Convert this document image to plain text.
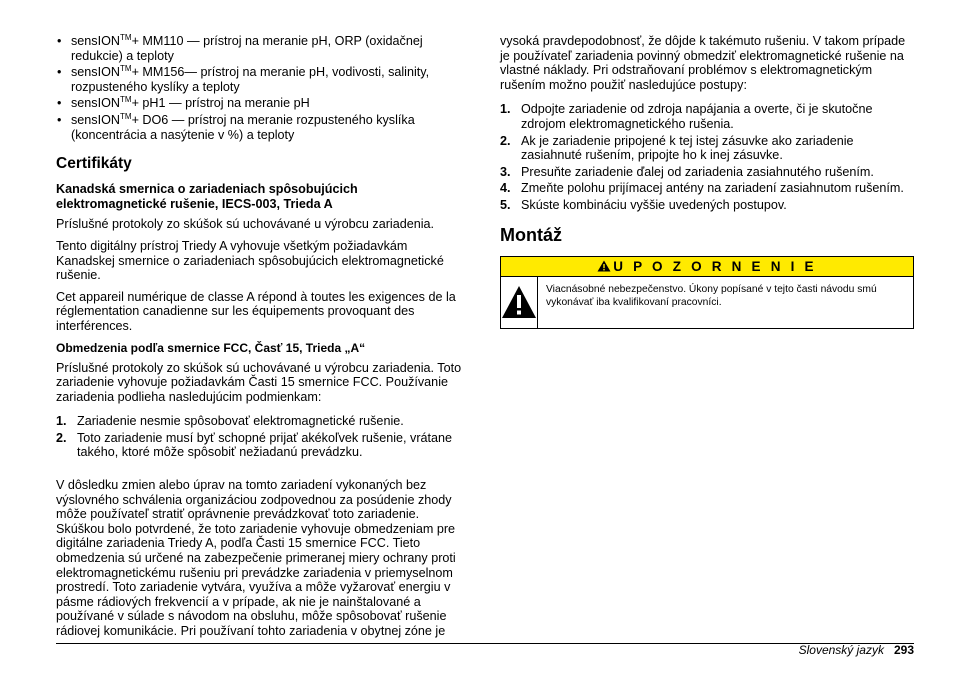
• sensION™+ MM110 — prístroj na meranie pH, ORP (oxidačnej redukcie) a teploty
• sensION™+ MM156— prístroj na meranie pH, vodivosti, salinity, rozpusteného kyslíky a teploty
• sensION™+ pH1 — prístroj na meranie pH
• sensION™+ DO6 — prístroj na meranie rozpusteného kyslíka (koncentrácia a nasýtenie v %) a teploty
Certifikáty
Kanadská smernica o zariadeniach spôsobujúcich elektromagnetické rušenie, IECS-003, Trieda A

Príslušné protokoly zo skúšok sú uchovávané u výrobcu zariadenia.

Tento digitálny prístroj Triedy A vyhovuje všetkým požiadavkám Kanadskej smernice o zariadeniach spôsobujúcich elektromagnetické rušenie.

Cet appareil numérique de classe A répond à toutes les exigences de la réglementation canadienne sur les équipements provoquant des interférences.

Obmedzenia podľa smernice FCC, Časť 15, Trieda „A“

Príslušné protokoly zo skúšok sú uchovávané u výrobcu zariadenia. Toto zariadenie vyhovuje požiadavkám Časti 15 smernice FCC. Používanie zariadenia podlieha nasledujúcim podmienkam:

1. Zariadenie nesmie spôsobovať elektromagnetické rušenie.
2. Toto zariadenie musí byť schopné prijať akékoľvek rušenie, vrátane takého, ktoré môže spôsobiť nežiadanú prevádzku.

V dôsledku zmien alebo úprav na tomto zariadení vykonaných bez výslovného schválenia organizáciou zodpovednou za posúdenie zhody môže používateľ stratiť oprávnenie prevádzkovať toto zariadenie. Skúškou bolo potvrdené, že toto zariadenie vyhovuje obmedzeniam pre digitálne zariadenia Triedy A, podľa Časti 15 smernice FCC. Tieto obmedzenia sú určené na zabezpečenie primeranej miery ochrany proti elektromagnetickému rušeniu pri prevádzke zariadenia v priemyselnom prostredí. Toto zariadenie vytvára, využíva a môže vyžarovať energiu v pásme rádiových frekvencií a v prípade, ak nie je nainštalované a používané v súlade s návodom na obsluhu, môže spôsobovať rušenie rádiovej komunikácie. Pri používaní tohto zariadenia v obytnej zóne je

vysoká pravdepodobnosť, že dôjde k takémuto rušeniu. V takom prípade je používateľ zariadenia povinný obmedziť elektromagnetické rušenie na vlastné náklady. Pri odstraňovaní problémov s elektromagnetickým rušením možno použiť nasledujúce postupy:

1. Odpojte zariadenie od zdroja napájania a overte, či je skutočne zdrojom elektromagnetického rušenia.
2. Ak je zariadenie pripojené k tej istej zásuvke ako zariadenie zasiahnuté rušením, pripojte ho k inej zásuvke.
3. Presuňte zariadenie ďalej od zariadenia zasiahnutého rušením.
4. Zmeňte polohu prijímacej antény na zariadení zasiahnutom rušením.
5. Skúste kombináciu vyššie uvedených postupov.
Montáž
U P O Z O R N E N I E
Viacnásobné nebezpečenstvo. Úkony popísané v tejto časti návodu smú vykonávať iba kvalifikovaní pracovníci.
Slovenský jazyk 293
